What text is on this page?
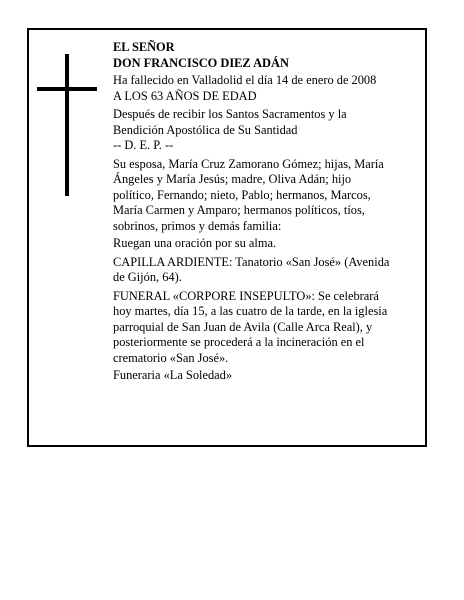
EL SEÑOR
DON FRANCISCO DIEZ ADÁN
Ha fallecido en Valladolid el día 14 de enero de 2008
A LOS 63 AÑOS DE EDAD
Después de recibir los Santos Sacramentos y la
Bendición Apostólica de Su Santidad
-- D. E. P. --
Su esposa, María Cruz Zamorano Gómez; hijas, María
Ángeles y María Jesús; madre, Oliva Adán; hijo
político, Fernando; nieto, Pablo; hermanos, Marcos,
María Carmen y Amparo; hermanos políticos, tíos,
sobrinos, primos y demás familia:
Ruegan una oración por su alma.
CAPILLA ARDIENTE: Tanatorio «San José» (Avenida
de Gijón, 64).
FUNERAL «CORPORE INSEPULTO»: Se celebrará
hoy martes, día 15, a las cuatro de la tarde, en la iglesia
parroquial de San Juan de Avila (Calle Arca Real), y
posteriormente se procederá a la incineración en el
crematorio «San José».
Funeraria «La Soledad»
